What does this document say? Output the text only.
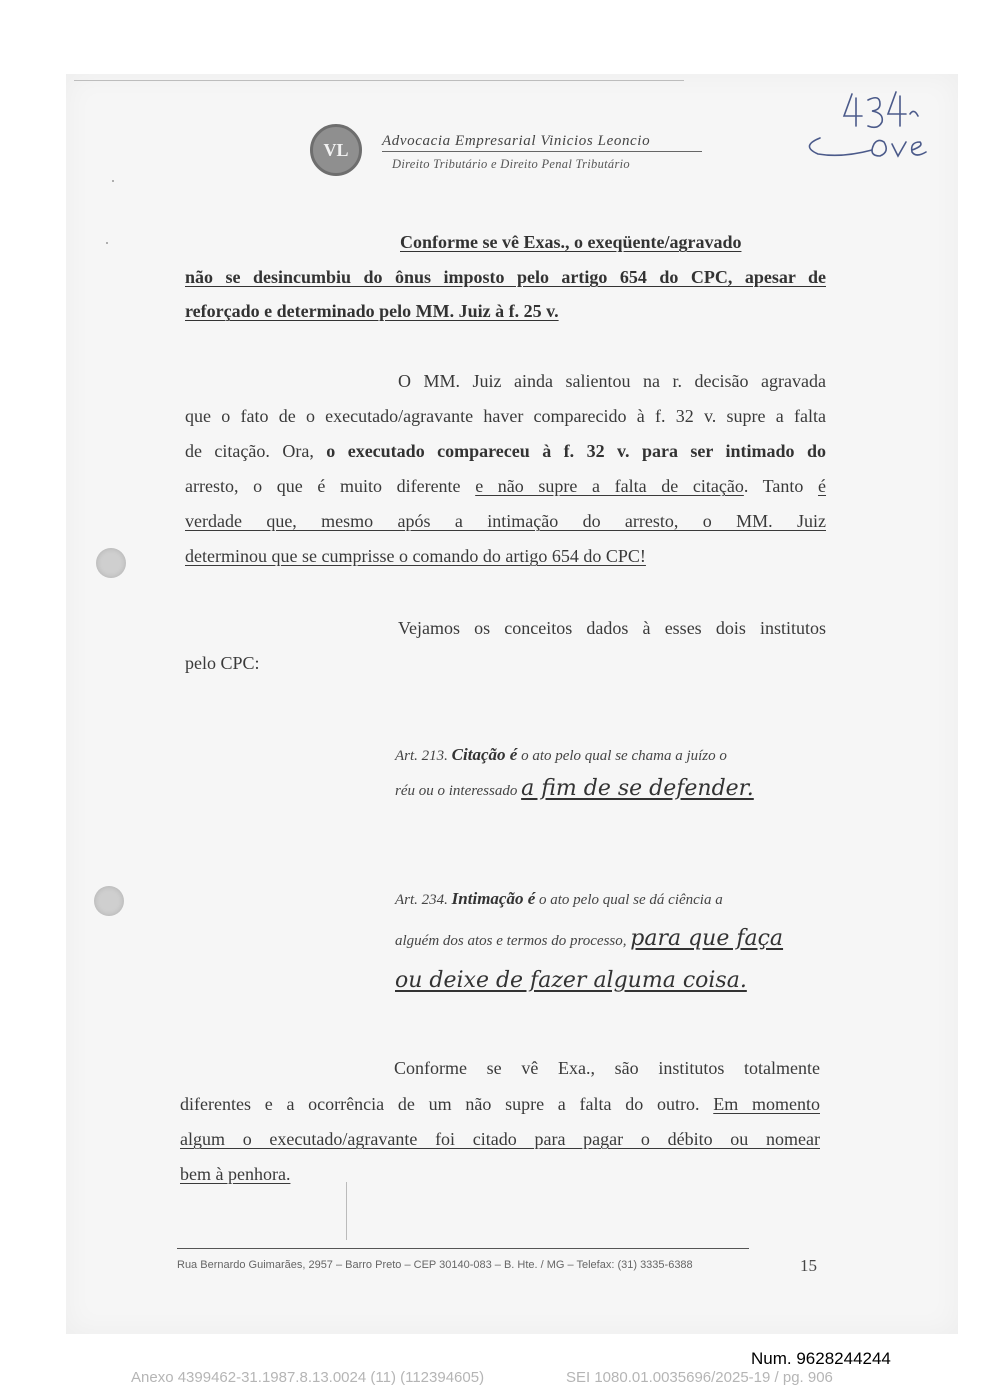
VL Advocacia Empresarial Vinicios Leoncio
Direito Tributário e Direito Penal Tributário
Conforme se vê Exas., o exeqüente/agravado
não se desincumbiu do ônus imposto pelo artigo 654 do CPC, apesar de
reforçado e determinado pelo MM. Juiz à f. 25 v.
O MM. Juiz ainda salientou na r. decisão agravada
que o fato de o executado/agravante haver comparecido à f. 32 v. supre a falta
de citação. Ora, o executado compareceu à f. 32 v. para ser intimado do
arresto, o que é muito diferente e não supre a falta de citação. Tanto é
verdade que, mesmo após a intimação do arresto, o MM. Juiz
determinou que se cumprisse o comando do artigo 654 do CPC!
Vejamos os conceitos dados à esses dois institutos
pelo CPC:
Art. 213. Citação é o ato pelo qual se chama a juízo o
réu ou o interessado a fim de se defender.
Art. 234. Intimação é o ato pelo qual se dá ciência a
alguém dos atos e termos do processo, para que faça
ou deixe de fazer alguma coisa.
Conforme se vê Exa., são institutos totalmente
diferentes e a ocorrência de um não supre a falta do outro. Em momento
algum o executado/agravante foi citado para pagar o débito ou nomear
bem à penhora.
Rua Bernardo Guimarães, 2957 – Barro Preto – CEP 30140-083 – B. Hte. / MG – Telefax: (31) 3335-6388	15
Num. 9628244244
Anexo 4399462-31.1987.8.13.0024 (11) (112394605)	SEI 1080.01.0035696/2025-19 / pg. 906
